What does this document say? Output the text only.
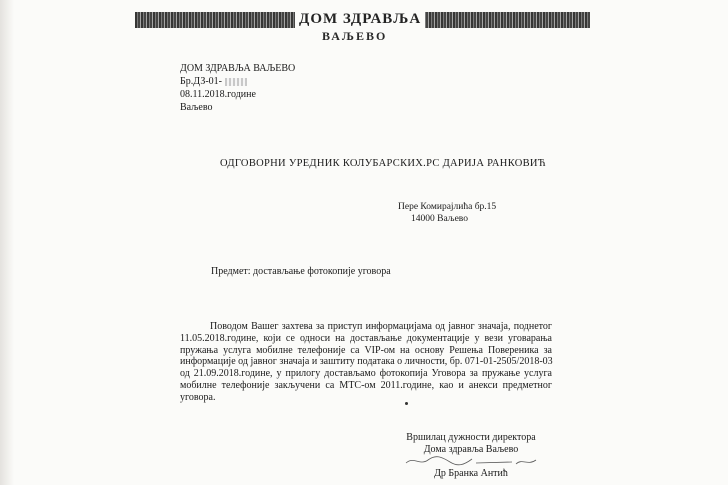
ДОМ ЗДРАВЉА
ВАЉЕВО
ДОМ ЗДРАВЉА ВАЉЕВО
Бр.ДЗ-01-
08.11.2018.године
Ваљево
ОДГОВОРНИ УРЕДНИК КОЛУБАРСКИХ.РС ДАРИЈА РАНКОВИЋ
Пере Комирајлића бр.15
14000 Ваљево
Предмет: достављање фотокопије уговора
Поводом Вашег захтева за приступ информацијама од јавног значаја, поднетог
11.05.2018.године, који се односи на достављање документације у вези уговарања
пружања услуга мобилне телефоније са VIP-ом на основу Решења Повереника за
информације од јавног значаја и заштиту података о личности, бр. 071-01-2505/2018-03
од 21.09.2018.године, у прилогу достављамо фотокопија Уговора за пружање услуга
мобилне телефоније закључени са МТС-ом 2011.године, као и анекси предметног
уговора.
Вршилац дужности директора
Дома здравља Ваљево
Др Бранка Антић
